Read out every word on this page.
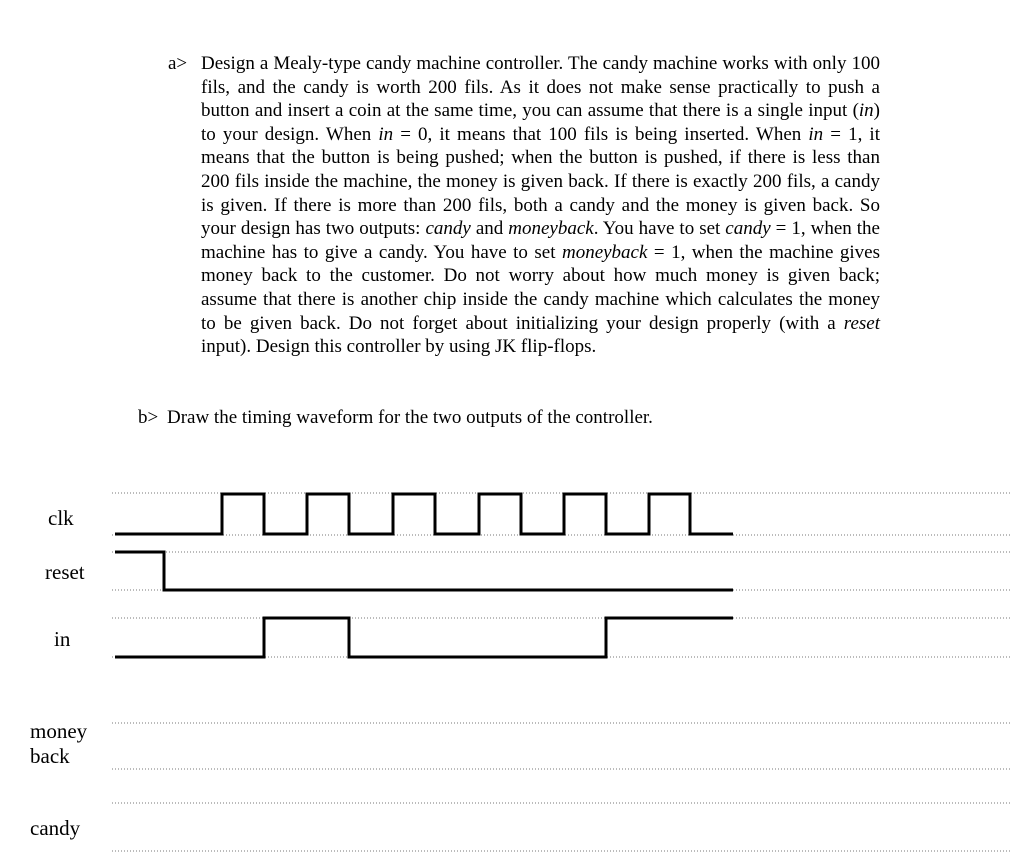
a> Design a Mealy-type candy machine controller. The candy machine works with only 100 fils, and the candy is worth 200 fils. As it does not make sense practically to push a button and insert a coin at the same time, you can assume that there is a single input (in) to your design. When in = 0, it means that 100 fils is being inserted. When in = 1, it means that the button is being pushed; when the button is pushed, if there is less than 200 fils inside the machine, the money is given back. If there is exactly 200 fils, a candy is given. If there is more than 200 fils, both a candy and the money is given back. So your design has two outputs: candy and moneyback. You have to set candy = 1, when the machine has to give a candy. You have to set moneyback = 1, when the machine gives money back to the customer. Do not worry about how much money is given back; assume that there is another chip inside the candy machine which calculates the money to be given back. Do not forget about initializing your design properly (with a reset input). Design this controller by using JK flip-flops.
b> Draw the timing waveform for the two outputs of the controller.
clk
reset
in
money
back
candy
